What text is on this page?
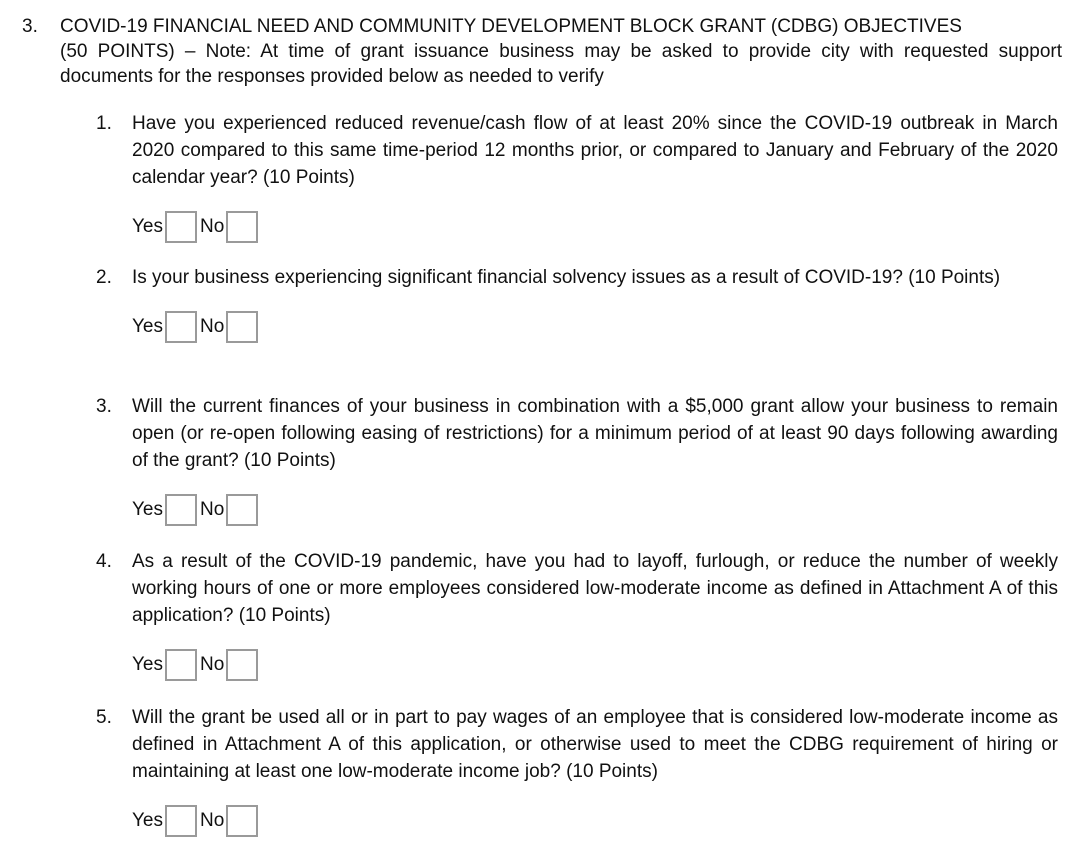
3.	COVID-19 FINANCIAL NEED AND COMMUNITY DEVELOPMENT BLOCK GRANT (CDBG) OBJECTIVES
(50 POINTS) – Note: At time of grant issuance business may be asked to provide city with requested support documents for the responses provided below as needed to verify
1.	Have you experienced reduced revenue/cash flow of at least 20% since the COVID-19 outbreak in March 2020 compared to this same time-period 12 months prior, or compared to January and February of the 2020 calendar year? (10 Points)
Yes No
2.	Is your business experiencing significant financial solvency issues as a result of COVID-19? (10 Points)
Yes No
3.	Will the current finances of your business in combination with a $5,000 grant allow your business to remain open (or re-open following easing of restrictions) for a minimum period of at least 90 days following awarding of the grant? (10 Points)
Yes No
4.	As a result of the COVID-19 pandemic, have you had to layoff, furlough, or reduce the number of weekly working hours of one or more employees considered low-moderate income as defined in Attachment A of this application? (10 Points)
Yes No
5.	Will the grant be used all or in part to pay wages of an employee that is considered low-moderate income as defined in Attachment A of this application, or otherwise used to meet the CDBG requirement of hiring or maintaining at least one low-moderate income job? (10 Points)
Yes No
